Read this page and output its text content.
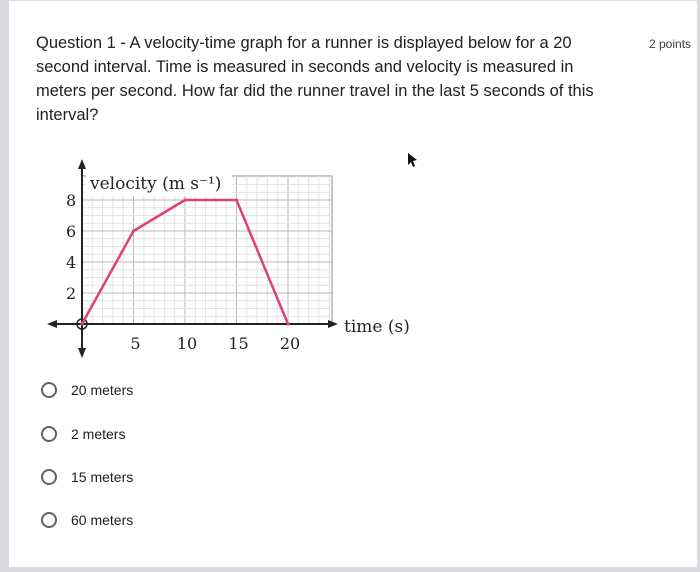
Question 1 - A velocity-time graph for a runner is displayed below for a 20 second interval. Time is measured in seconds and velocity is measured in meters per second. How far did the runner travel in the last 5 seconds of this interval?

2 points
velocity (m s⁻¹)
time (s)
8
6
4
2
5 10 15 20
20 meters
2 meters
15 meters
60 meters
